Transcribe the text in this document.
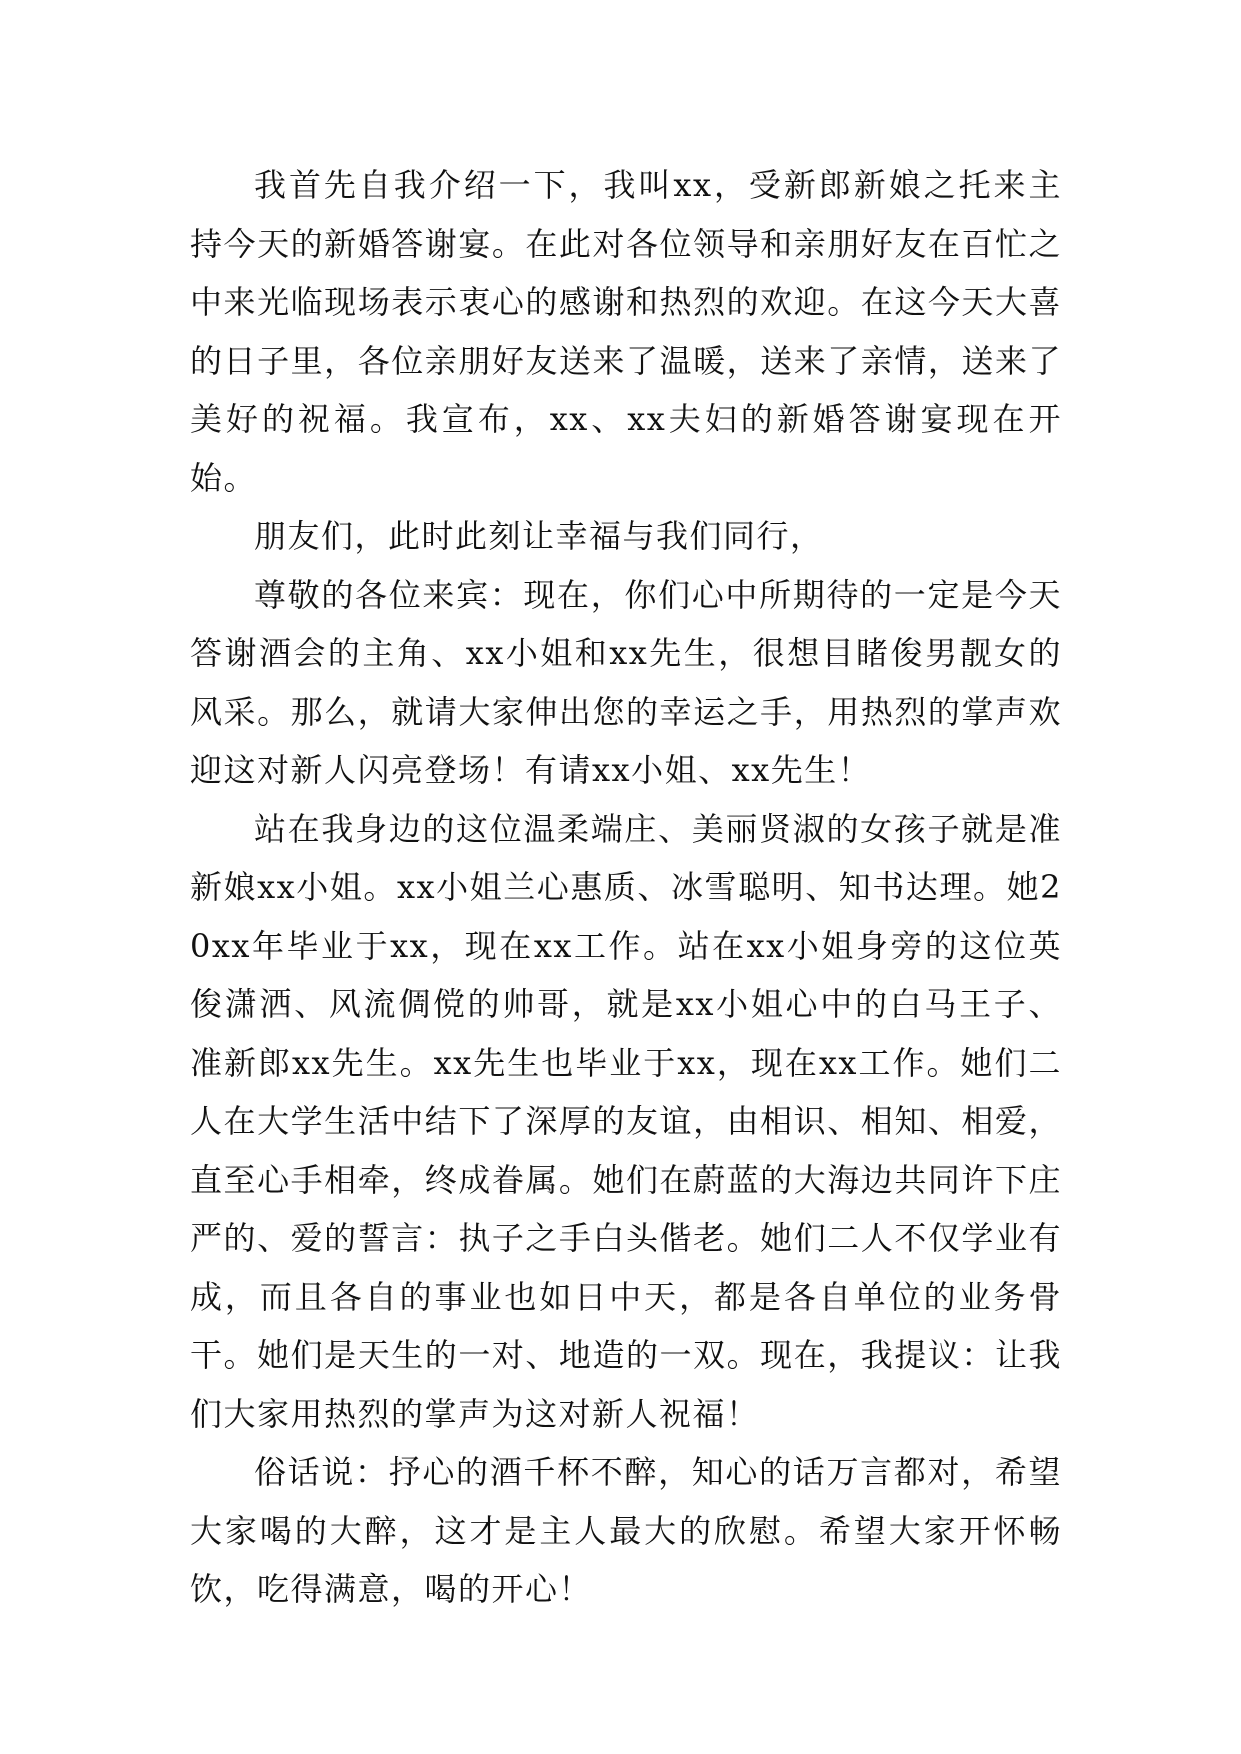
我首先自我介绍一下，我叫xx，受新郎新娘之托来主持今天的新婚答谢宴。在此对各位领导和亲朋好友在百忙之中来光临现场表示衷心的感谢和热烈的欢迎。在这今天大喜的日子里，各位亲朋好友送来了温暖，送来了亲情，送来了美好的祝福。我宣布，xx、xx夫妇的新婚答谢宴现在开始。

朋友们，此时此刻让幸福与我们同行，

尊敬的各位来宾：现在，你们心中所期待的一定是今天答谢酒会的主角、xx小姐和xx先生，很想目睹俊男靓女的风采。那么，就请大家伸出您的幸运之手，用热烈的掌声欢迎这对新人闪亮登场！有请xx小姐、xx先生！

站在我身边的这位温柔端庄、美丽贤淑的女孩子就是准新娘xx小姐。xx小姐兰心惠质、冰雪聪明、知书达理。她20xx年毕业于xx，现在xx工作。站在xx小姐身旁的这位英俊潇洒、风流倜傥的帅哥，就是xx小姐心中的白马王子、准新郎xx先生。xx先生也毕业于xx，现在xx工作。她们二人在大学生活中结下了深厚的友谊，由相识、相知、相爱，直至心手相牵，终成眷属。她们在蔚蓝的大海边共同许下庄严的、爱的誓言：执子之手白头偕老。她们二人不仅学业有成，而且各自的事业也如日中天，都是各自单位的业务骨干。她们是天生的一对、地造的一双。现在，我提议：让我们大家用热烈的掌声为这对新人祝福！

俗话说：抒心的酒千杯不醉，知心的话万言都对，希望大家喝的大醉，这才是主人最大的欣慰。希望大家开怀畅饮，吃得满意，喝的开心！
